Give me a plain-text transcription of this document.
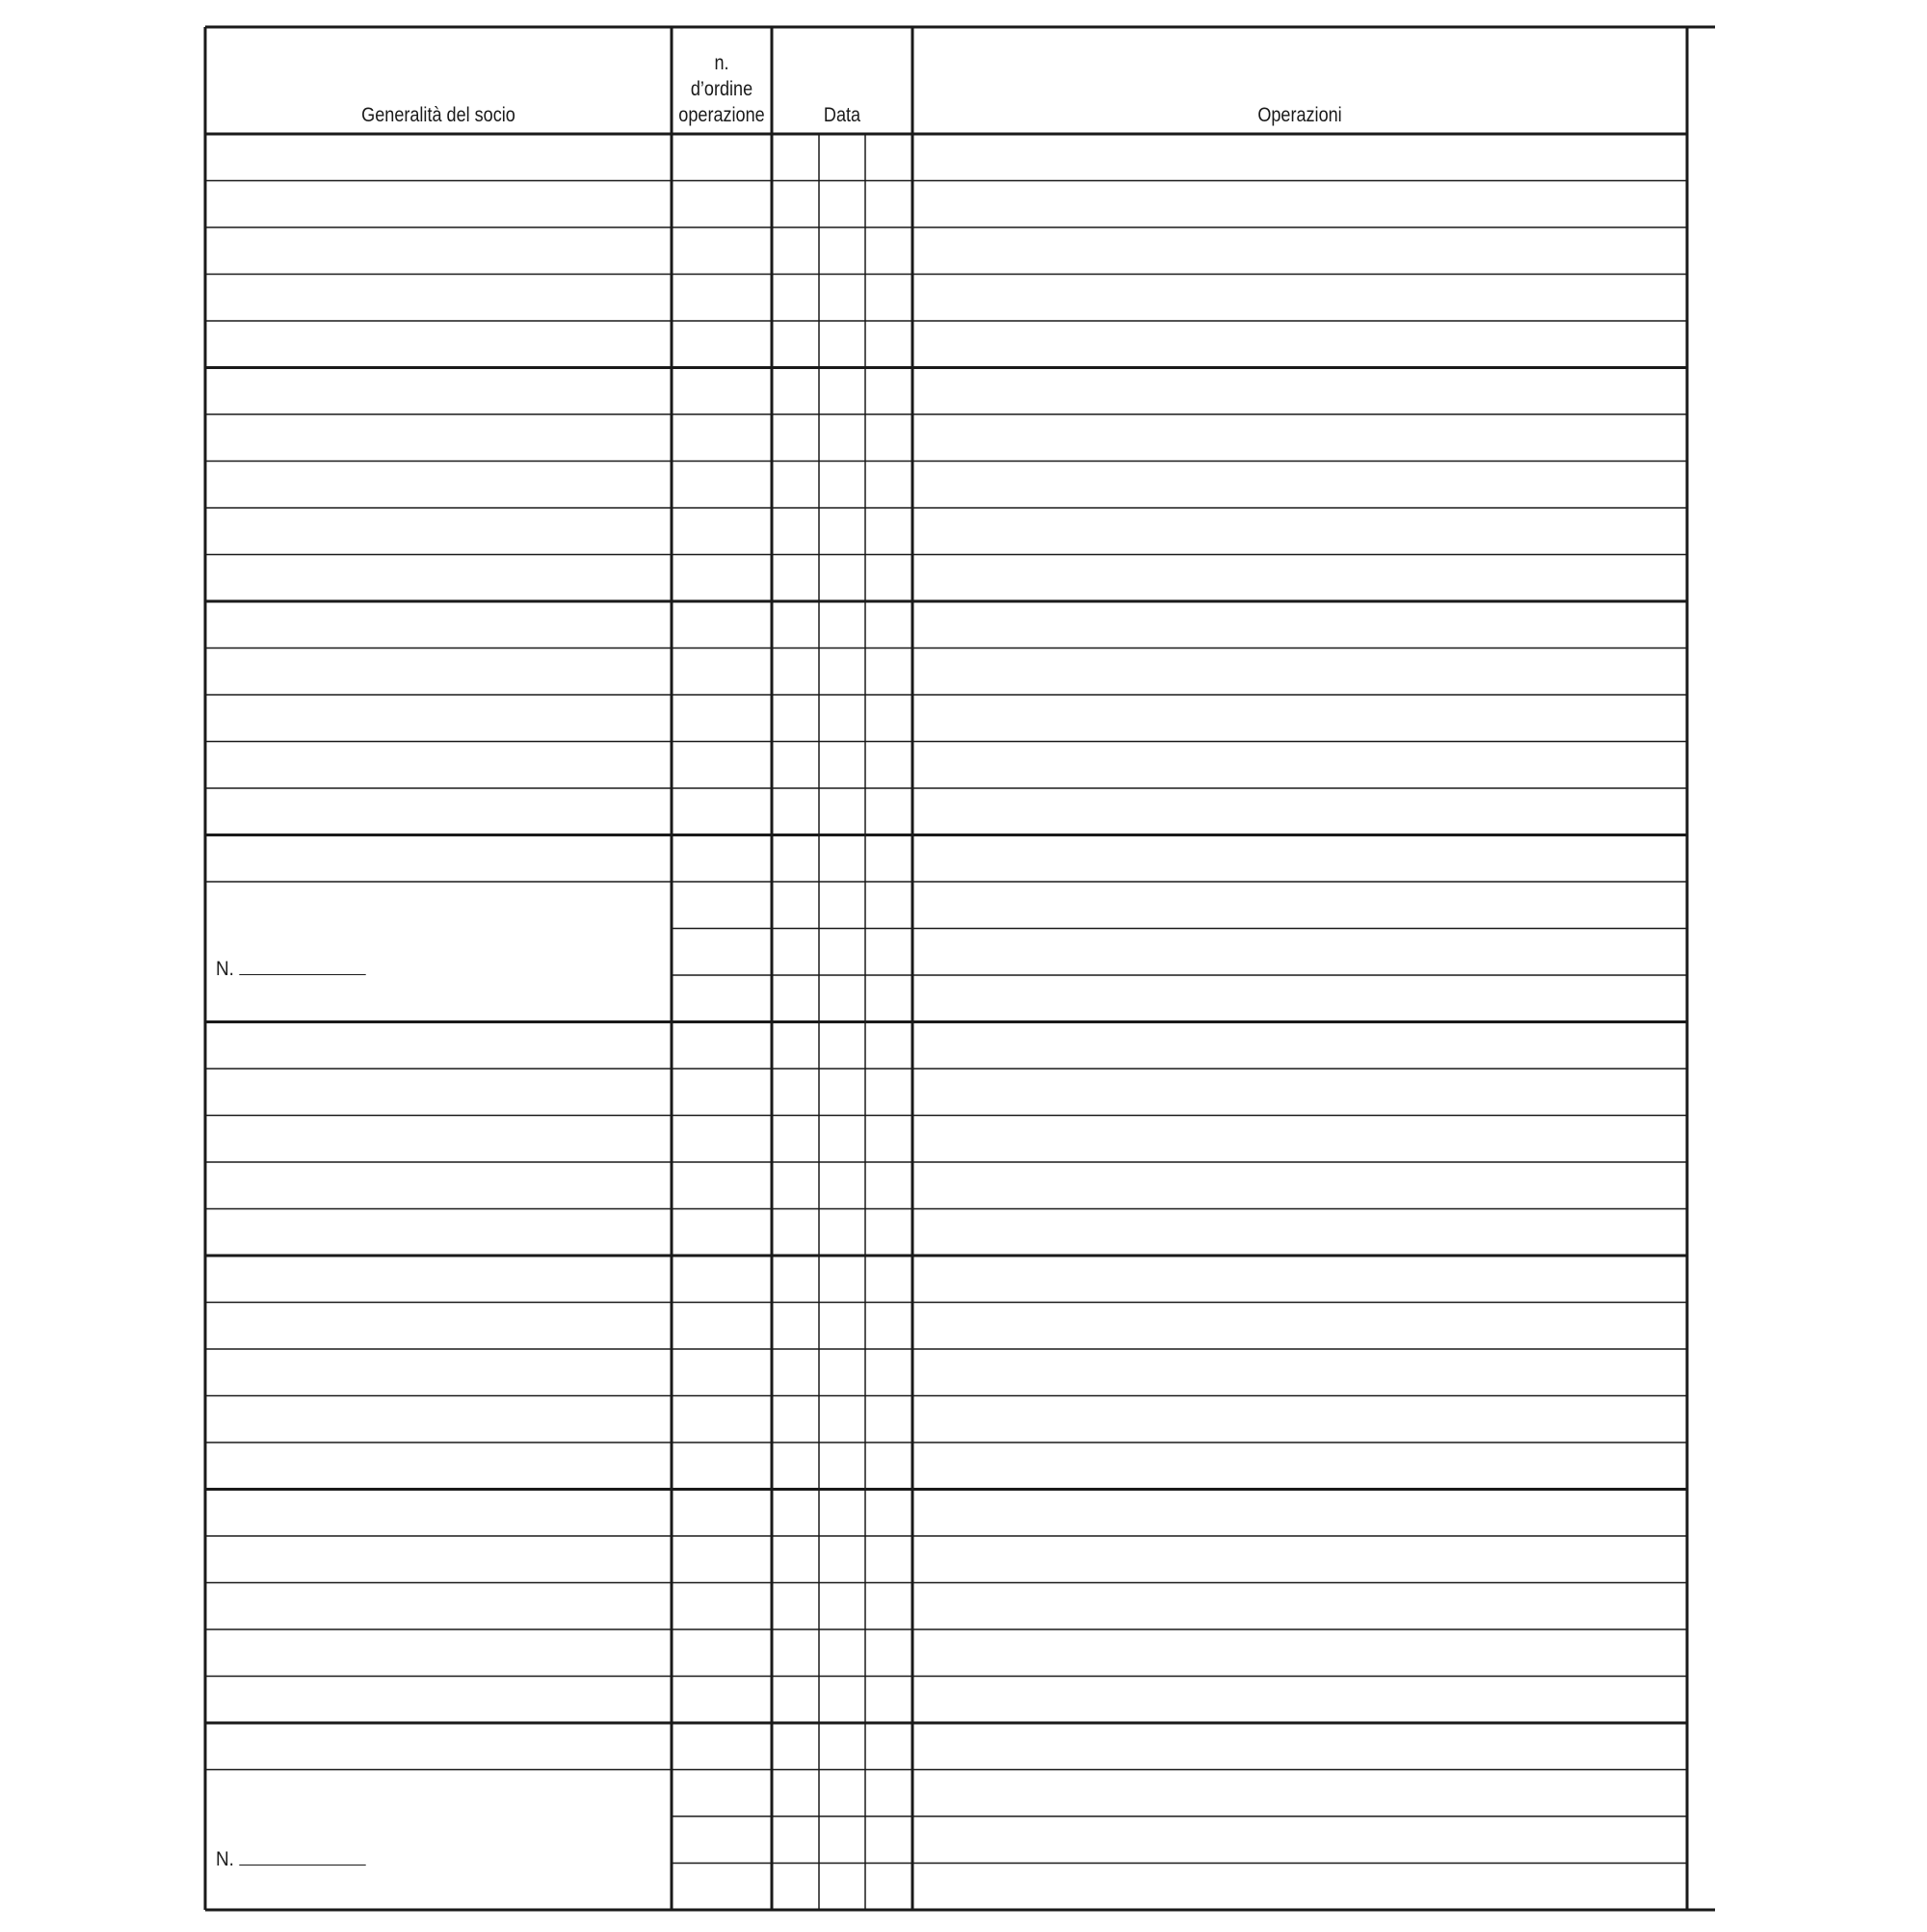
Generalità del socio
n.
d’ordine
operazione	Data	Operazioni
N.
N.
